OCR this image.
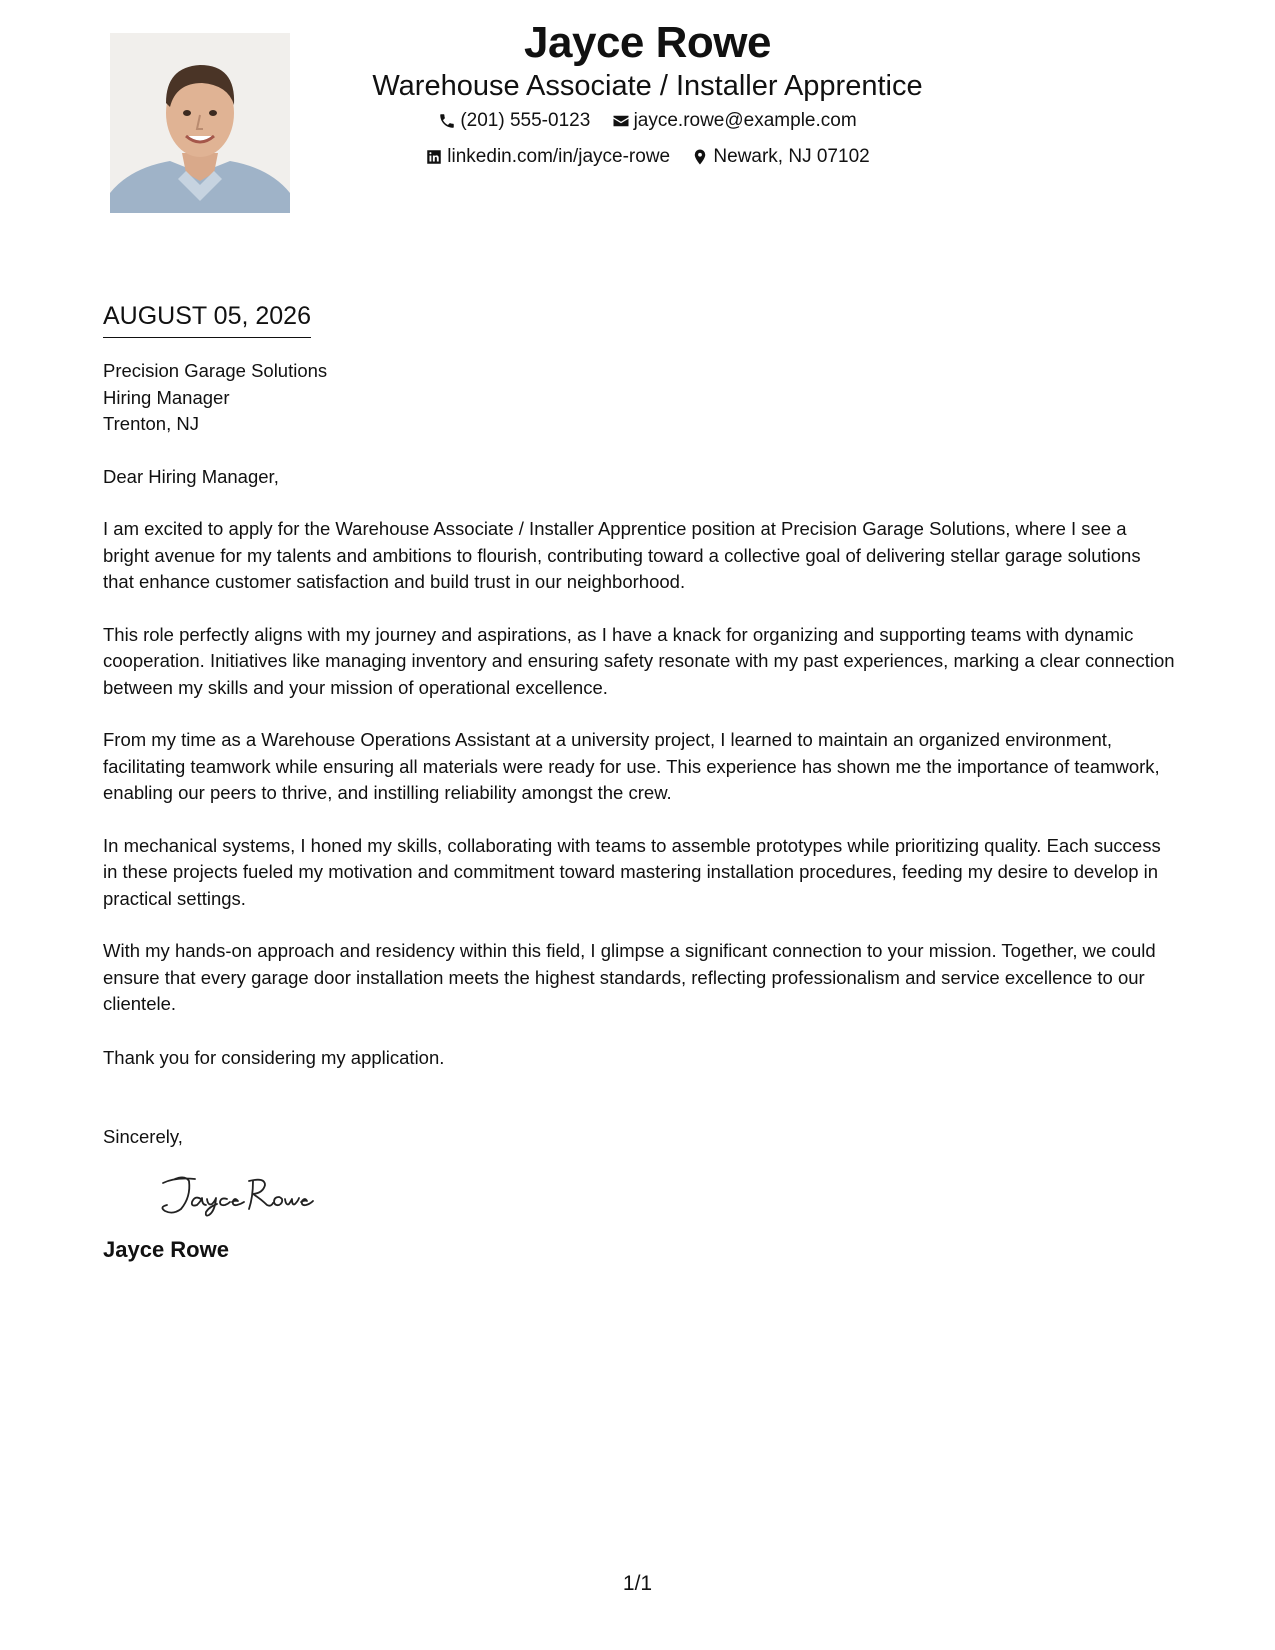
Jayce Rowe
Warehouse Associate / Installer Apprentice
(201) 555-0123
jayce.rowe@example.com
linkedin.com/in/jayce-rowe
Newark, NJ 07102
AUGUST 05, 2026
Precision Garage Solutions
Hiring Manager
Trenton, NJ
Dear Hiring Manager,

I am excited to apply for the Warehouse Associate / Installer Apprentice position at Precision Garage Solutions, where I see a bright avenue for my talents and ambitions to flourish, contributing toward a collective goal of delivering stellar garage solutions that enhance customer satisfaction and build trust in our neighborhood.

This role perfectly aligns with my journey and aspirations, as I have a knack for organizing and supporting teams with dynamic cooperation. Initiatives like managing inventory and ensuring safety resonate with my past experiences, marking a clear connection between my skills and your mission of operational excellence.

From my time as a Warehouse Operations Assistant at a university project, I learned to maintain an organized environment, facilitating teamwork while ensuring all materials were ready for use. This experience has shown me the importance of teamwork, enabling our peers to thrive, and instilling reliability amongst the crew.

In mechanical systems, I honed my skills, collaborating with teams to assemble prototypes while prioritizing quality. Each success in these projects fueled my motivation and commitment toward mastering installation procedures, feeding my desire to develop in practical settings.

With my hands-on approach and residency within this field, I glimpse a significant connection to your mission. Together, we could ensure that every garage door installation meets the highest standards, reflecting professionalism and service excellence to our clientele.

Thank you for considering my application.
Sincerely,
Jayce Rowe
1/1
